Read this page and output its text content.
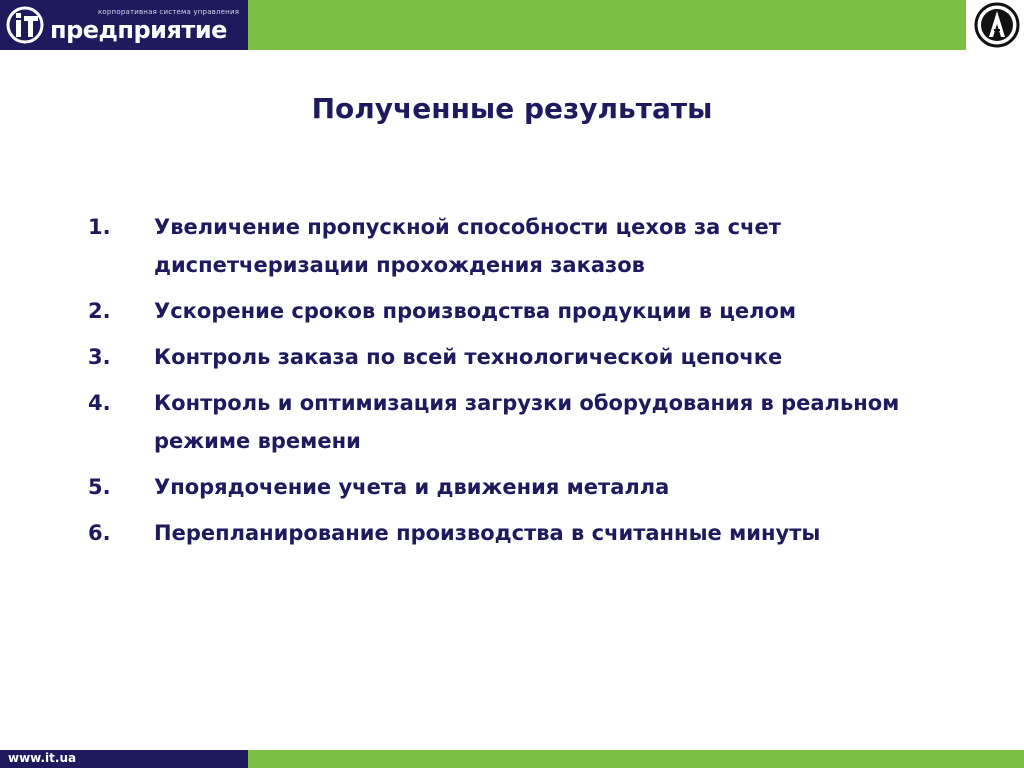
корпоративная система управления
предприятие
Полученные результаты
1. Увеличение пропускной способности цехов за счет диспетчеризации прохождения заказов
2. Ускорение сроков производства продукции в целом
3. Контроль заказа по всей технологической цепочке
4. Контроль и оптимизация загрузки оборудования в реальном режиме времени
5. Упорядочение учета и движения металла
6. Перепланирование производства в считанные минуты
www.it.ua
